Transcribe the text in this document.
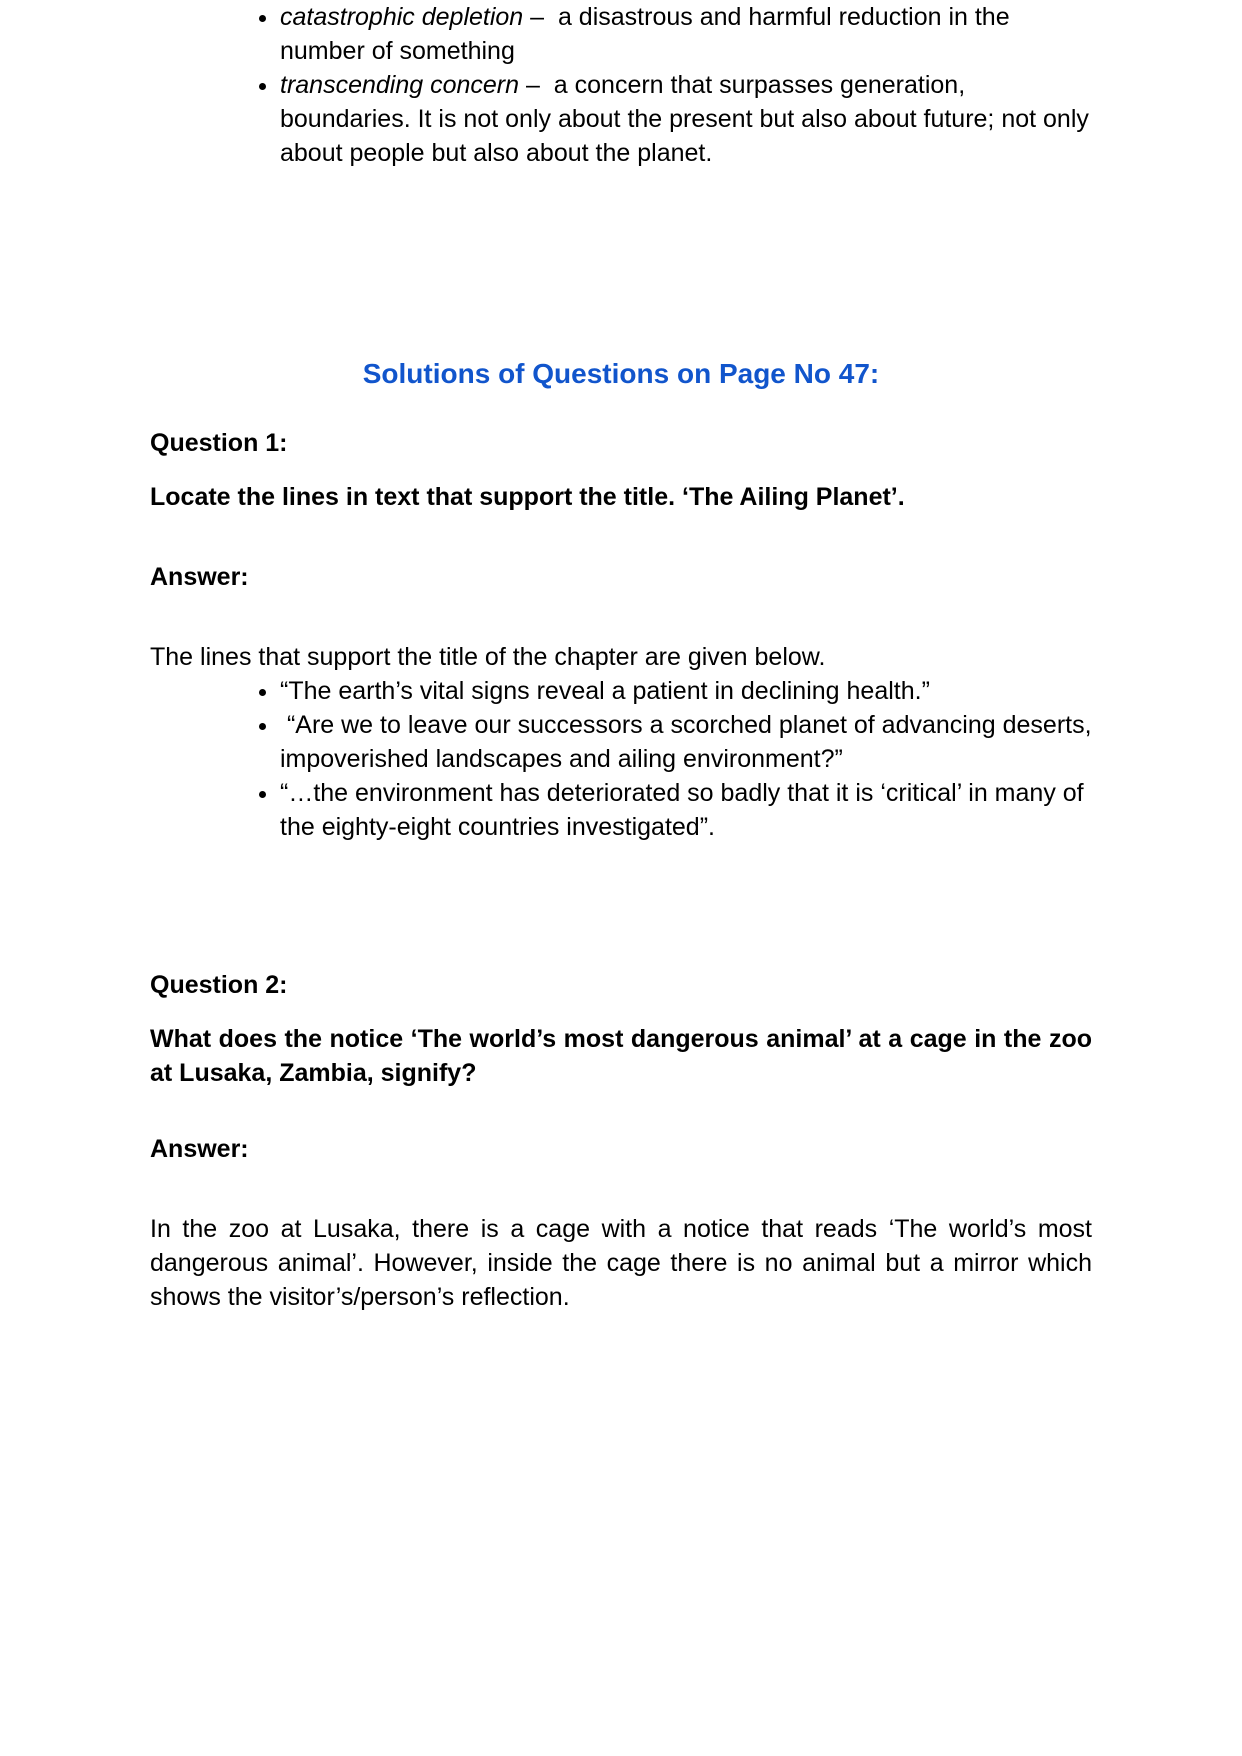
• catastrophic depletion –  a disastrous and harmful reduction in the number of something
• transcending concern –  a concern that surpasses generation, boundaries. It is not only about the present but also about future; not only about people but also about the planet.
Solutions of Questions on Page No 47:

Question 1:

Locate the lines in text that support the title. ‘The Ailing Planet’.

Answer:

The lines that support the title of the chapter are given below.

• “The earth’s vital signs reveal a patient in declining health.”
•  “Are we to leave our successors a scorched planet of advancing deserts, impoverished landscapes and ailing environment?”
• “…the environment has deteriorated so badly that it is ‘critical’ in many of the eighty-eight countries investigated”.

Question 2:

What does the notice ‘The world’s most dangerous animal’ at a cage in the zoo at Lusaka, Zambia, signify?

Answer:

In the zoo at Lusaka, there is a cage with a notice that reads ‘The world’s most dangerous animal’. However, inside the cage there is no animal but a mirror which shows the visitor’s/person’s reflection.
